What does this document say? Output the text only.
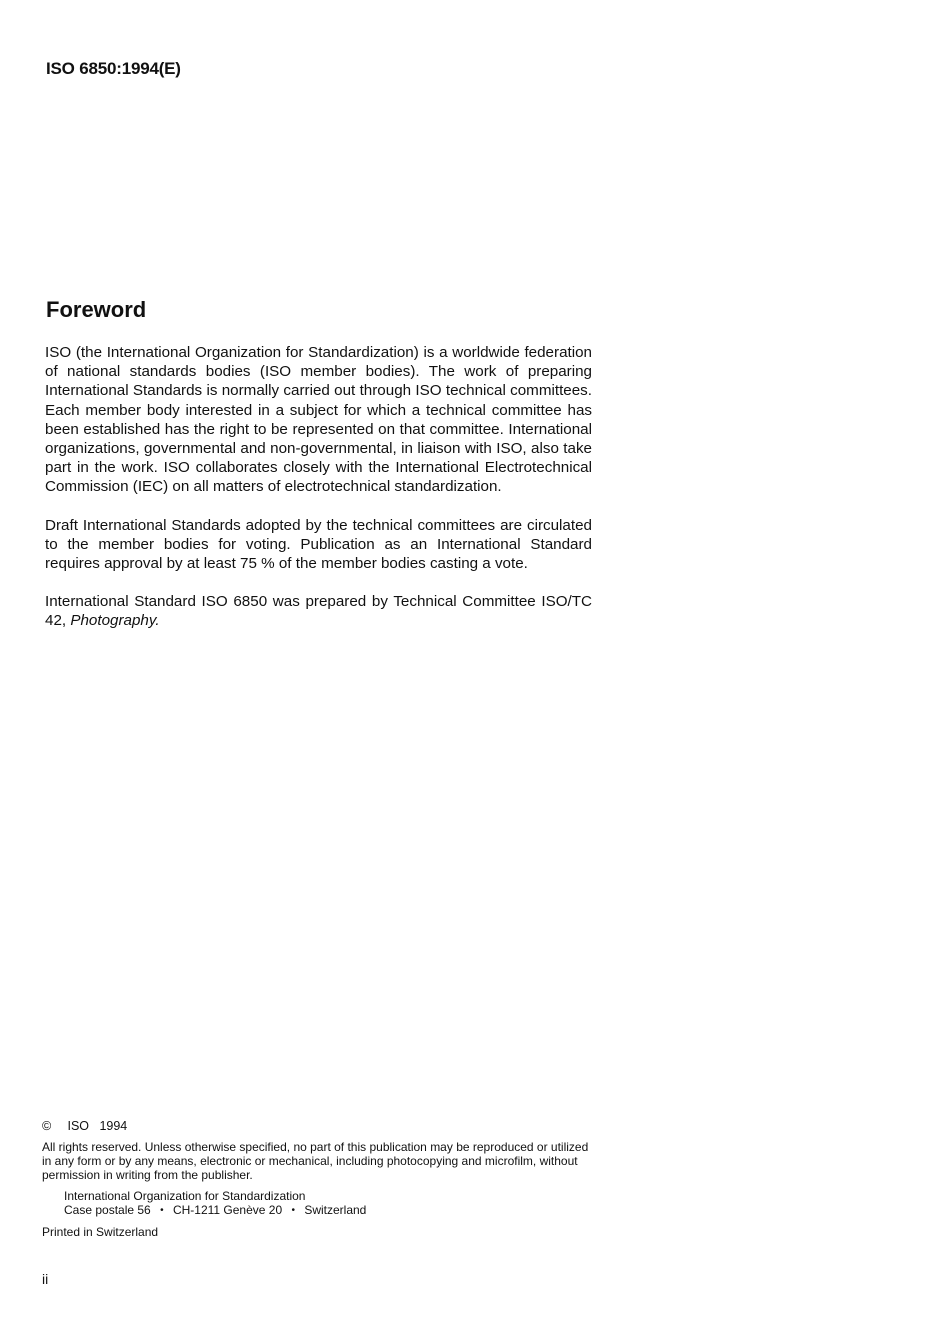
ISO 6850:1994(E)
Foreword

ISO (the International Organization for Standardization) is a worldwide federation of national standards bodies (ISO member bodies). The work of preparing International Standards is normally carried out through ISO technical committees. Each member body interested in a subject for which a technical committee has been established has the right to be represented on that committee. International organizations, governmental and non-governmental, in liaison with ISO, also take part in the work. ISO collaborates closely with the International Electrotechnical Commission (IEC) on all matters of electrotechnical standardization.

Draft International Standards adopted by the technical committees are circulated to the member bodies for voting. Publication as an International Standard requires approval by at least 75 % of the member bodies casting a vote.

International Standard ISO 6850 was prepared by Technical Committee ISO/TC 42, Photography.

© ISO 1994
All rights reserved. Unless otherwise specified, no part of this publication may be reproduced or utilized in any form or by any means, electronic or mechanical, including photocopying and microfilm, without permission in writing from the publisher.
International Organization for Standardization
Case postale 56 • CH-1211 Genève 20 • Switzerland
Printed in Switzerland
ii
